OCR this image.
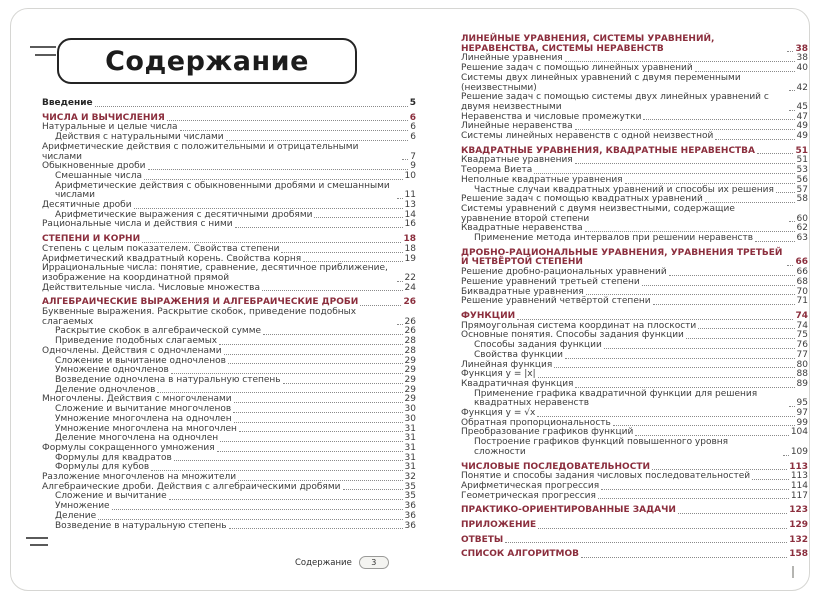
Содержание
Введение	5
ЧИСЛА И ВЫЧИСЛЕНИЯ	6
Натуральные и целые числа	6
Действия с натуральными числами	6
Арифметические действия с положительными и отрицательными числами	7
Обыкновенные дроби	9
Смешанные числа	10
Арифметические действия с обыкновенными дробями и смешанными числами	11
Десятичные дроби	13
Арифметические выражения с десятичными дробями	14
Рациональные числа и действия с ними	16
СТЕПЕНИ И КОРНИ	18
Степень с целым показателем. Свойства степени	18
Арифметический квадратный корень. Свойства корня	19
Иррациональные числа: понятие, сравнение, десятичное приближение, изображение на координатной прямой	22
Действительные числа. Числовые множества	24
АЛГЕБРАИЧЕСКИЕ ВЫРАЖЕНИЯ И АЛГЕБРАИЧЕСКИЕ ДРОБИ	26
Буквенные выражения. Раскрытие скобок, приведение подобных слагаемых	26
Раскрытие скобок в алгебраической сумме	26
Приведение подобных слагаемых	28
Одночлены. Действия с одночленами	28
Сложение и вычитание одночленов	29
Умножение одночленов	29
Возведение одночлена в натуральную степень	29
Деление одночленов	29
Многочлены. Действия с многочленами	29
Сложение и вычитание многочленов	30
Умножение многочлена на одночлен	30
Умножение многочлена на многочлен	31
Деление многочлена на одночлен	31
Формулы сокращенного умножения	31
Формулы для квадратов	31
Формулы для кубов	31
Разложение многочленов на множители	32
Алгебраические дроби. Действия с алгебраическими дробями	35
Сложение и вычитание	35
Умножение	36
Деление	36
Возведение в натуральную степень	36
ЛИНЕЙНЫЕ УРАВНЕНИЯ, СИСТЕМЫ УРАВНЕНИЙ, НЕРАВЕНСТВА, СИСТЕМЫ НЕРАВЕНСТВ	38
Линейные уравнения	38
Решение задач с помощью линейных уравнений	40
Системы двух линейных уравнений с двумя переменными (неизвестными)	42
Решение задач с помощью системы двух линейных уравнений с двумя неизвестными	45
Неравенства и числовые промежутки	47
Линейные неравенства	49
Системы линейных неравенств с одной неизвестной	49
КВАДРАТНЫЕ УРАВНЕНИЯ, КВАДРАТНЫЕ НЕРАВЕНСТВА	51
Квадратные уравнения	51
Теорема Виета	53
Неполные квадратные уравнения	56
Частные случаи квадратных уравнений и способы их решения	57
Решение задач с помощью квадратных уравнений	58
Системы уравнений с двумя неизвестными, содержащие уравнение второй степени	60
Квадратные неравенства	62
Применение метода интервалов при решении неравенств	63
ДРОБНО-РАЦИОНАЛЬНЫЕ УРАВНЕНИЯ, УРАВНЕНИЯ ТРЕТЬЕЙ И ЧЕТВЁРТОЙ СТЕПЕНИ	66
Решение дробно-рациональных уравнений	66
Решение уравнений третьей степени	68
Биквадратные уравнения	70
Решение уравнений четвёртой степени	71
ФУНКЦИИ	74
Прямоугольная система координат на плоскости	74
Основные понятия. Способы задания функции	75
Способы задания функции	76
Свойства функции	77
Линейная функция	80
Функция y = |x|	88
Квадратичная функция	89
Применение графика квадратичной функции для решения квадратных неравенств	95
Функция y = √x	97
Обратная пропорциональность	99
Преобразование графиков функций	104
Построение графиков функций повышенного уровня сложности	109
ЧИСЛОВЫЕ ПОСЛЕДОВАТЕЛЬНОСТИ	113
Понятие и способы задания числовых последовательностей	113
Арифметическая прогрессия	114
Геометрическая прогрессия	117
ПРАКТИКО-ОРИЕНТИРОВАННЫЕ ЗАДАЧИ	123
ПРИЛОЖЕНИЕ	129
ОТВЕТЫ	132
СПИСОК АЛГОРИТМОВ	158
Содержание	3
